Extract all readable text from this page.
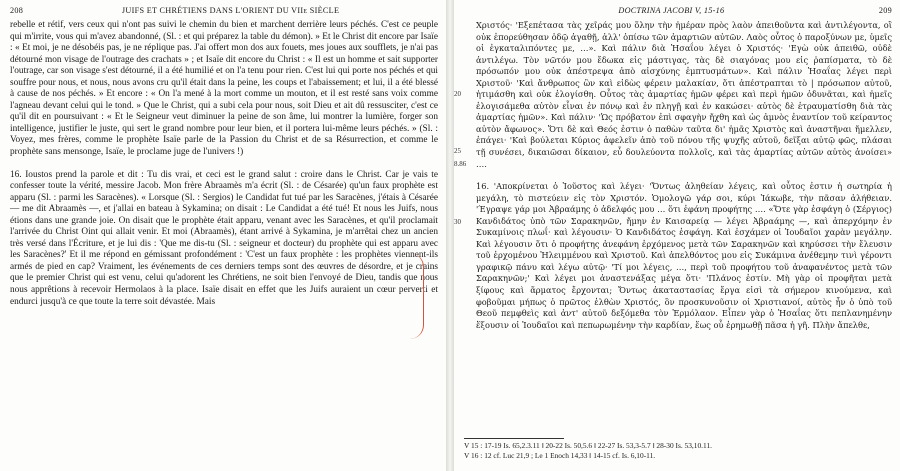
208	JUIFS ET CHRÉTIENS DANS L'ORIENT DU VIIe SIÈCLE

rebelle et rétif, vers ceux qui n'ont pas suivi le chemin du bien et marchent derrière leurs péchés. C'est ce peuple qui m'irrite, vous qui m'avez abandonné, (Sl. : et qui préparez la table du démon). » Et le Christ dit encore par Isaïe : « Et moi, je ne désobéis pas, je ne réplique pas. J'ai offert mon dos aux fouets, mes joues aux soufflets, je n'ai pas détourné mon visage de l'outrage des crachats » ; et Isaïe dit encore du Christ : « Il est un homme et sait supporter l'outrage, car son visage s'est détourné, il a été humilié et on l'a tenu pour rien. C'est lui qui porte nos péchés et qui souffre pour nous, et nous, nous avons cru qu'il était dans la peine, les coups et l'abaissement; et lui, il a été blessé à cause de nos péchés. » Et encore : « On l'a mené à la mort comme un mouton, et il est resté sans voix comme l'agneau devant celui qui le tond. » Que le Christ, qui a subi cela pour nous, soit Dieu et ait dû ressusciter, c'est ce qu'il dit en poursuivant : « Et le Seigneur veut diminuer la peine de son âme, lui montrer la lumière, forger son intelligence, justifier le juste, qui sert le grand nombre pour leur bien, et il portera lui-même leurs péchés. » (Sl. : Voyez, mes frères, comme le prophète Isaïe parle de la Passion du Christ et de sa Résurrection, et comme le prophète sans mensonge, Isaïe, le proclame juge de l'univers !)

16. Ioustos prend la parole et dit : Tu dis vrai, et ceci est le grand salut : croire dans le Christ. Car je vais te confesser toute la vérité, messire Jacob. Mon frère Abraamès m'a écrit (Sl. : de Césarée) qu'un faux prophète est apparu (Sl. : parmi les Saracènes). « Lorsque (Sl. : Sergios) le Candidat fut tué par les Saracènes, j'étais à Césarée — me dit Abraamès —, et j'allai en bateau à Sykamina; on disait : Le Candidat a été tué! Et nous les Juifs, nous étions dans une grande joie. On disait que le prophète était apparu, venant avec les Saracènes, et qu'il proclamait l'arrivée du Christ Oint qui allait venir. Et moi (Abraamès), étant arrivé à Sykamina, je m'arrêtai chez un ancien très versé dans l'Écriture, et je lui dis : 'Que me dis-tu (Sl. : seigneur et docteur) du prophète qui est apparu avec les Saracènes?' Et il me répond en gémissant profondément : 'C'est un faux prophète : les prophètes viennent-ils armés de pied en cap? Vraiment, les événements de ces derniers temps sont des œuvres de désordre, et je crains que le premier Christ qui est venu, celui qu'adorent les Chrétiens, ne soit bien l'envoyé de Dieu, tandis que nous nous apprêtions à recevoir Hermolaos à la place. Isaïe disait en effet que les Juifs auraient un cœur perverti et endurci jusqu'à ce que toute la terre soit dévastée. Mais

DOCTRINA JACOBI V, 15-16	209
20
25
8.86
30

Χριστός· 'Εξεπέτασα τὰς χεῖράς μου ὅλην τὴν ἡμέραν πρὸς λαὸν ἀπειθοῦντα καὶ ἀντιλέγοντα, οἳ οὐκ ἐπορεύθησαν ὁδῷ ἀγαθῇ, ἀλλ' ὀπίσω τῶν ἁμαρτιῶν αὐτῶν. Λαὸς οὗτος ὁ παροξύνων με, ὑμεῖς οἱ ἐγκαταλιπόντες με, …». Καὶ πάλιν διὰ Ἠσαΐου λέγει ὁ Χριστός· 'Εγὼ οὐκ ἀπειθῶ, οὐδὲ ἀντιλέγω. Τὸν νῶτόν μου ἔδωκα εἰς μάστιγας, τὰς δὲ σιαγόνας μου εἰς ῥαπίσματα, τὸ δὲ πρόσωπόν μου οὐκ ἀπέστρεψα ἀπὸ αἰσχύνης ἐμπτυσμάτων». Καὶ πάλιν Ἠσαΐας λέγει περὶ Χριστοῦ· 'Καὶ ἄνθρωπος ὢν καὶ εἰδὼς φέρειν μαλακίαν, ὅτι ἀπέστραπται τὸ | πρόσωπον αὐτοῦ, ἠτιμάσθη καὶ οὐκ ἐλογίσθη. Οὗτος τὰς ἁμαρτίας ἡμῶν φέρει καὶ περὶ ἡμῶν ὀδυνᾶται, καὶ ἡμεῖς ἐλογισάμεθα αὐτὸν εἶναι ἐν πόνῳ καὶ ἐν πληγῇ καὶ ἐν κακώσει· αὐτὸς δὲ ἐτραυματίσθη διὰ τὰς ἁμαρτίας ἡμῶν». Καὶ πάλιν· 'Ὡς πρόβατον ἐπὶ σφαγὴν ἤχθη καὶ ὡς ἀμνὸς ἐναντίον τοῦ κείραντος αὐτὸν ἄφωνος». Ὅτι δὲ καὶ Θεός ἐστιν ὁ παθὼν ταῦτα δι' ἡμᾶς Χριστὸς καὶ ἀναστῆναι ἤμελλεν, ἐπάγει· 'Καὶ βούλεται Κύριος ἀφελεῖν ἀπὸ τοῦ πόνου τῆς ψυχῆς αὐτοῦ, δεῖξαι αὐτῷ φῶς, πλάσαι τῇ συνέσει, δικαιῶσαι δίκαιον, εὖ δουλεύοντα πολλοῖς, καὶ τὰς ἁμαρτίας αὐτῶν αὐτὸς ἀνοίσει» ….

16. 'Αποκρίνεται ὁ Ἰοῦστος καὶ λέγει· 'Ὄντως ἀληθείαν λέγεις, καὶ οὗτος ἐστιν ἡ σωτηρία ἡ μεγάλη, τὸ πιστεύειν εἰς τὸν Χριστόν. Ὁμολογῶ γάρ σοι, κύρι Ἰάκωβε, τὴν πᾶσαν ἀλήθειαν. 'Έγραψε γάρ μοι Ἀβραάμης ὁ ἀδελφός μου … ὅτι ἐφάνη προφήτης …. «Ὅτε γὰρ ἐσφάγη ὁ (Σέργιος) Κανδιδάτος ὑπὸ τῶν Σαρακηνῶν, ἤμην ἐν Καισαρείᾳ — λέγει Ἀβραάμης —, καὶ ἀπερχόμην ἐν Συκαμίνοις πλωΐ· καὶ λέγουσιν· Ὁ Κανδιδάτος ἐσφάγη. Καὶ ἐσχάμεν οἱ Ἰουδαῖοι χαρὰν μεγάλην. Καὶ λέγουσιν ὅτι ὁ προφήτης ἀνεφάνη ἐρχόμενος μετὰ τῶν Σαρακηνῶν καὶ κηρύσσει τὴν ἔλευσιν τοῦ ἐρχομένου Ἠλειμμένου καὶ Χριστοῦ. Καὶ ἀπελθόντος μου εἰς Συκάμινα ἀνέθεμην τινὶ γέροντι γραφικῷ πάνυ καὶ λέγω αὐτῷ· 'Τί μοι λέγεις, …, περὶ τοῦ προφήτου τοῦ ἀναφανέντος μετὰ τῶν Σαρακηνῶν;' Καὶ λέγει μοι ἀναστενάξας μέγα ὅτι· 'Πλάνος ἐστίν. Μὴ γὰρ οἱ προφῆται μετὰ ξίφους καὶ ἅρματος ἔρχονται; Ὄντως ἀκαταστασίας ἔργα εἰσὶ τὰ σήμερον κινούμενα, καὶ φοβοῦμαι μήπως ὁ πρῶτος ἐλθὼν Χριστός, ὃν προσκυνοῦσιν οἱ Χριστιανοί, αὐτὸς ἦν ὁ ὑπὸ τοῦ Θεοῦ πεμφθεὶς καὶ ἀντ' αὐτοῦ δεξόμεθα τὸν Ἑρμόλαον. Εἶπεν γὰρ ὁ Ἠσαΐας ὅτι πεπλανημένην ἕξουσιν οἱ Ἰουδαῖοι καὶ πεπωρωμένην τὴν καρδίαν, ἕως οὗ ἐρημωθῇ πᾶσα ἡ γῆ. Πλὴν ἄπελθε,

V 15 : 17-19 Is. 65,2.3.11 ‖ 20-22 Is. 50,5.6 ‖ 22-27 Is. 53,3-5.7 ‖ 28-30 Is. 53,10.11.
V 16 : 12 cf. Luc 21,9 ; Le 1 Enoch 14,33 ‖ 14-15 cf. Is. 6,10-11.
